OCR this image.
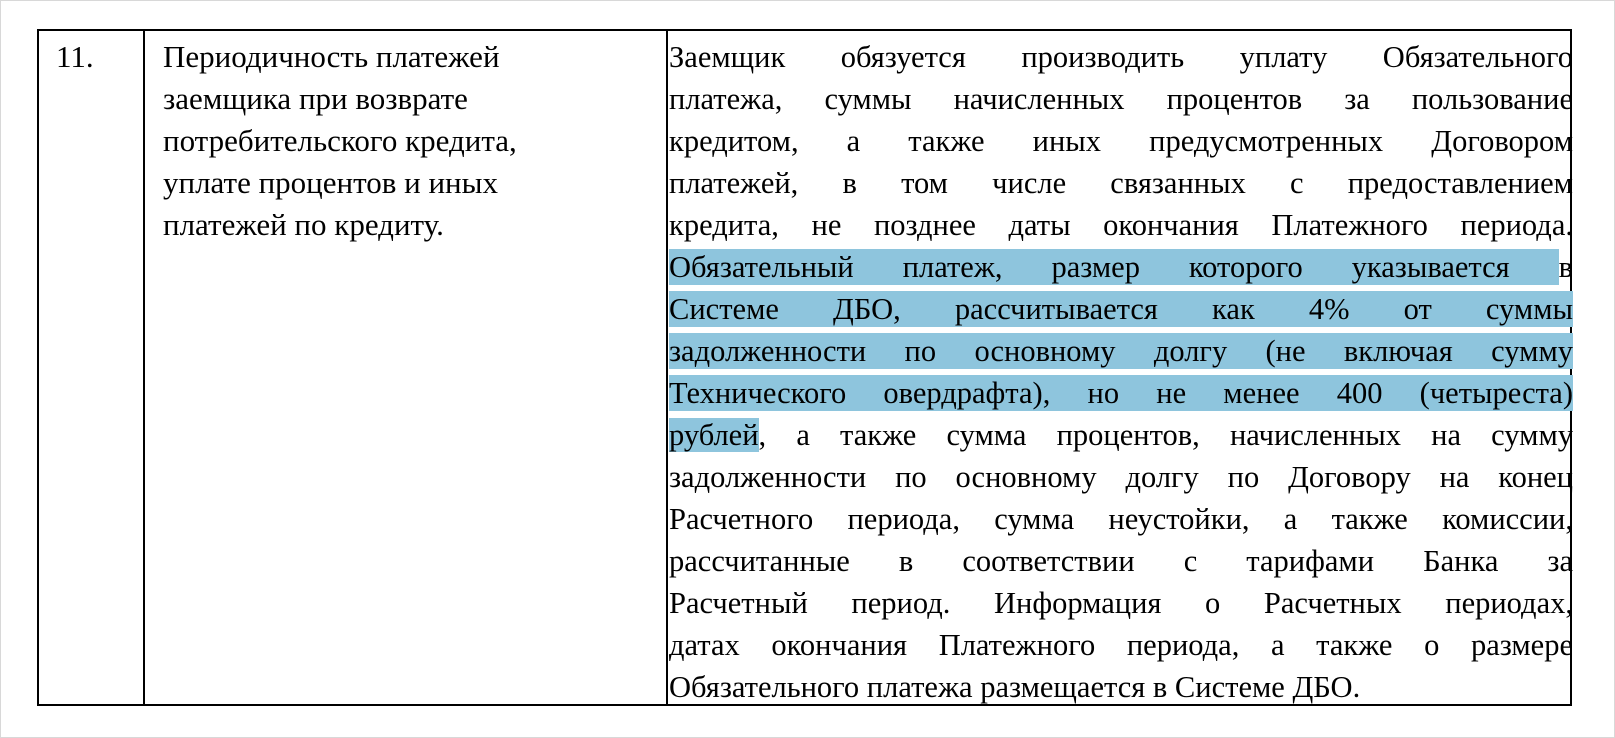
11. Периодичность платежей
заемщика при возврате
потребительского кредита,
уплате процентов и иных
платежей по кредиту.
Заемщик обязуется производить уплату Обязательного
платежа, суммы начисленных процентов за пользование
кредитом, а также иных предусмотренных Договором
платежей, в том числе связанных с предоставлением
кредита, не позднее даты окончания Платежного периода.
Обязательный платеж, размер которого указывается в
Системе ДБО, рассчитывается как 4% от суммы
задолженности по основному долгу (не включая сумму
Технического овердрафта), но не менее 400 (четыреста)
рублей, а также сумма процентов, начисленных на сумму
задолженности по основному долгу по Договору на конец
Расчетного периода, сумма неустойки, а также комиссии,
рассчитанные в соответствии с тарифами Банка за
Расчетный период. Информация о Расчетных периодах,
датах окончания Платежного периода, а также о размере
Обязательного платежа размещается в Системе ДБО.
